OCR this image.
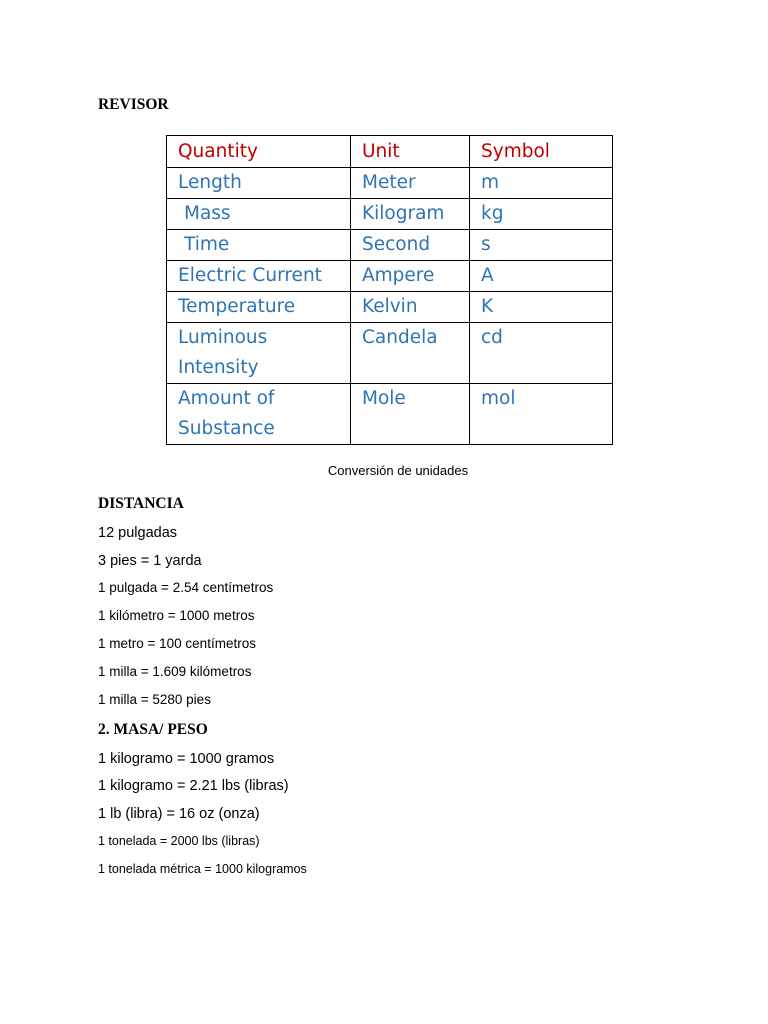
REVISOR
Quantity	Unit	Symbol
Length	Meter	m
Mass	Kilogram	kg
Time	Second	s
Electric Current	Ampere	A
Temperature	Kelvin	K
Luminous Intensity	Candela	cd
Amount of Substance	Mole	mol
Conversión de unidades
DISTANCIA
12 pulgadas
3 pies = 1 yarda
1 pulgada = 2.54 centímetros
1 kilómetro = 1000 metros
1 metro = 100 centímetros
1 milla = 1.609 kilómetros
1 milla = 5280 pies
2. MASA/ PESO
1 kilogramo = 1000 gramos
1 kilogramo = 2.21 lbs (libras)
1 lb (libra) = 16 oz (onza)
1 tonelada = 2000 lbs (libras)
1 tonelada métrica = 1000 kilogramos
